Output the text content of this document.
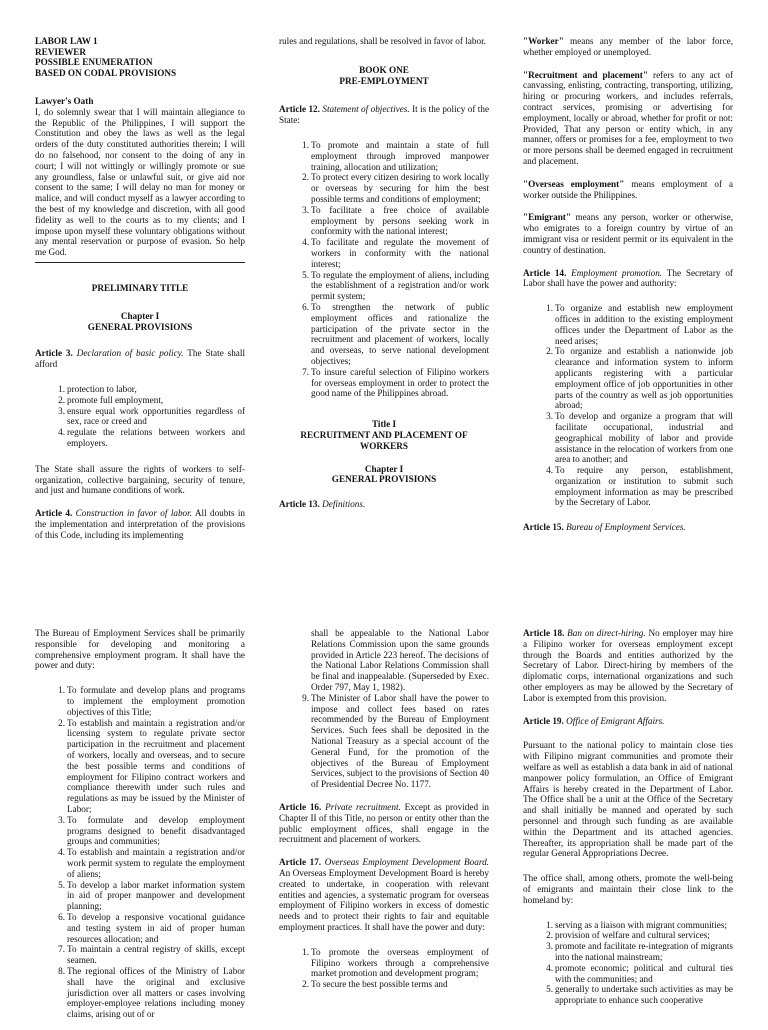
LABOR LAW 1
REVIEWER
POSSIBLE ENUMERATION
BASED ON CODAL PROVISIONS
Lawyer's Oath

I, do solemnly swear that I will maintain allegiance to the Republic of the Philippines, I will support the Constitution and obey the laws as well as the legal orders of the duty constituted authorities therein; I will do no falsehood, nor consent to the doing of any in court; I will not wittingly or willingly promote or sue any groundless, false or unlawful suit, or give aid nor consent to the same; I will delay no man for money or malice, and will conduct myself as a lawyer according to the best of my knowledge and discretion, with all good fidelity as well to the courts as to my clients; and I impose upon myself these voluntary obligations without any mental reservation or purpose of evasion. So help me God.

PRELIMINARY TITLE
Chapter I
GENERAL PROVISIONS

Article 3. Declaration of basic policy. The State shall afford

1. protection to labor,
2. promote full employment,
3. ensure equal work opportunities regardless of sex, race or creed and
4. regulate the relations between workers and employers.

The State shall assure the rights of workers to self-organization, collective bargaining, security of tenure, and just and humane conditions of work.

Article 4. Construction in favor of labor. All doubts in the implementation and interpretation of the provisions of this Code, including its implementing

rules and regulations, shall be resolved in favor of labor.

BOOK ONE
PRE-EMPLOYMENT

Article 12. Statement of objectives. It is the policy of the State:

1. To promote and maintain a state of full employment through improved manpower training, allocation and utilization;
2. To protect every citizen desiring to work locally or overseas by securing for him the best possible terms and conditions of employment;
3. To facilitate a free choice of available employment by persons seeking work in conformity with the national interest;
4. To facilitate and regulate the movement of workers in conformity with the national interest;
5. To regulate the employment of aliens, including the establishment of a registration and/or work permit system;
6. To strengthen the network of public employment offices and rationalize the participation of the private sector in the recruitment and placement of workers, locally and overseas, to serve national development objectives;
7. To insure careful selection of Filipino workers for overseas employment in order to protect the good name of the Philippines abroad.
Title I
RECRUITMENT AND PLACEMENT OF WORKERS
Chapter I
GENERAL PROVISIONS

Article 13. Definitions.

"Worker" means any member of the labor force, whether employed or unemployed.

"Recruitment and placement" refers to any act of canvassing, enlisting, contracting, transporting, utilizing, hiring or procuring workers, and includes referrals, contract services, promising or advertising for employment, locally or abroad, whether for profit or not: Provided, That any person or entity which, in any manner, offers or promises for a fee, employment to two or more persons shall be deemed engaged in recruitment and placement.

"Overseas employment" means employment of a worker outside the Philippines.

"Emigrant" means any person, worker or otherwise, who emigrates to a foreign country by virtue of an immigrant visa or resident permit or its equivalent in the country of destination.

Article 14. Employment promotion. The Secretary of Labor shall have the power and authority:

1. To organize and establish new employment offices in addition to the existing employment offices under the Department of Labor as the need arises;
2. To organize and establish a nationwide job clearance and information system to inform applicants registering with a particular employment office of job opportunities in other parts of the country as well as job opportunities abroad;
3. To develop and organize a program that will facilitate occupational, industrial and geographical mobility of labor and provide assistance in the relocation of workers from one area to another; and
4. To require any person, establishment, organization or institution to submit such employment information as may be prescribed by the Secretary of Labor.

Article 15. Bureau of Employment Services.

The Bureau of Employment Services shall be primarily responsible for developing and monitoring a comprehensive employment program. It shall have the power and duty:

1. To formulate and develop plans and programs to implement the employment promotion objectives of this Title;
2. To establish and maintain a registration and/or licensing system to regulate private sector participation in the recruitment and placement of workers, locally and overseas, and to secure the best possible terms and conditions of employment for Filipino contract workers and compliance therewith under such rules and regulations as may be issued by the Minister of Labor;
3. To formulate and develop employment programs designed to benefit disadvantaged groups and communities;
4. To establish and maintain a registration and/or work permit system to regulate the employment of aliens;
5. To develop a labor market information system in aid of proper manpower and development planning;
6. To develop a responsive vocational guidance and testing system in aid of proper human resources allocation; and
7. To maintain a central registry of skills, except seamen.
8. The regional offices of the Ministry of Labor shall have the original and exclusive jurisdiction over all matters or cases involving employer-employee relations including money claims, arising out of or

shall be appealable to the National Labor Relations Commission upon the same grounds provided in Article 223 hereof. The decisions of the National Labor Relations Commission shall be final and inappealable. (Superseded by Exec. Order 797, May 1, 1982).

9. The Minister of Labor shall have the power to impose and collect fees based on rates recommended by the Bureau of Employment Services. Such fees shall be deposited in the National Treasury as a special account of the General Fund, for the promotion of the objectives of the Bureau of Employment Services, subject to the provisions of Section 40 of Presidential Decree No. 1177.

Article 16. Private recruitment. Except as provided in Chapter II of this Title, no person or entity other than the public employment offices, shall engage in the recruitment and placement of workers.

Article 17. Overseas Employment Development Board. An Overseas Employment Development Board is hereby created to undertake, in cooperation with relevant entities and agencies, a systematic program for overseas employment of Filipino workers in excess of domestic needs and to protect their rights to fair and equitable employment practices. It shall have the power and duty:

1. To promote the overseas employment of Filipino workers through a comprehensive market promotion and development program;
2. To secure the best possible terms and

Article 18. Ban on direct-hiring. No employer may hire a Filipino worker for overseas employment except through the Boards and entities authorized by the Secretary of Labor. Direct-hiring by members of the diplomatic corps, international organizations and such other employers as may be allowed by the Secretary of Labor is exempted from this provision.

Article 19. Office of Emigrant Affairs.

Pursuant to the national policy to maintain close ties with Filipino migrant communities and promote their welfare as well as establish a data bank in aid of national manpower policy formulation, an Office of Emigrant Affairs is hereby created in the Department of Labor. The Office shall be a unit at the Office of the Secretary and shall initially be manned and operated by such personnel and through such funding as are available within the Department and its attached agencies. Thereafter, its appropriation shall be made part of the regular General Appropriations Decree.

The office shall, among others, promote the well-being of emigrants and maintain their close link to the homeland by:

1. serving as a liaison with migrant communities;
2. provision of welfare and cultural services;
3. promote and facilitate re-integration of migrants into the national mainstream;
4. promote economic; political and cultural ties with the communities; and
5. generally to undertake such activities as may be appropriate to enhance such cooperative
